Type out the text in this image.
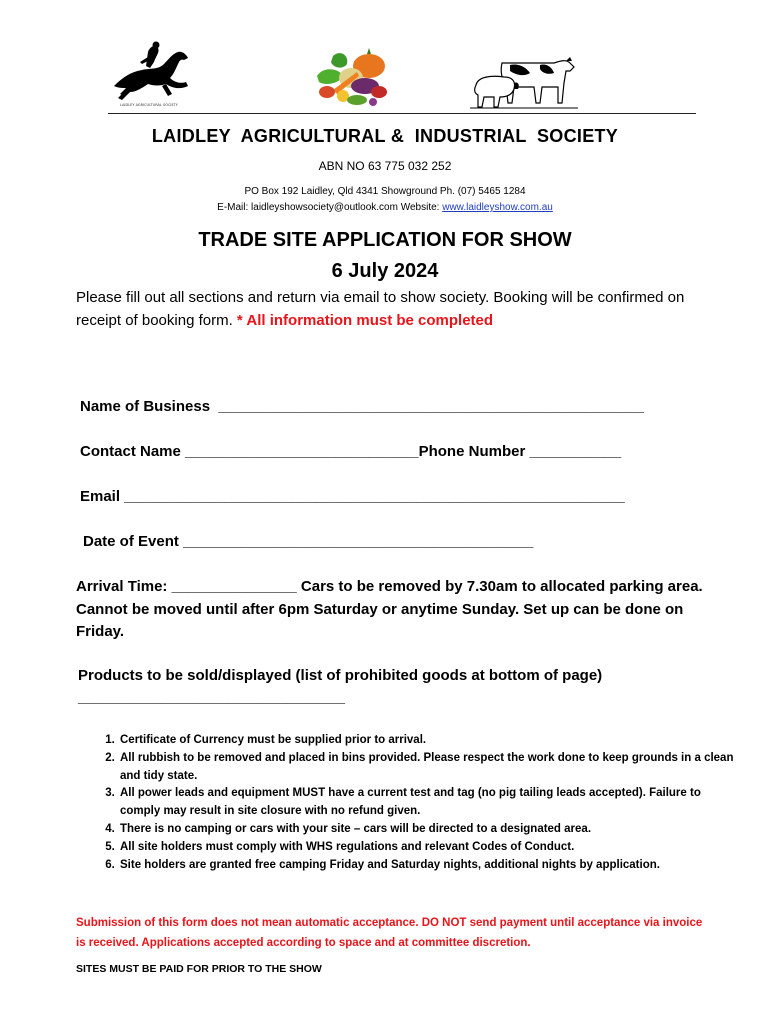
LAIDLEY AGRICULTURAL SOCIETY
LAIDLEY  AGRICULTURAL &  INDUSTRIAL  SOCIETY
ABN NO 63 775 032 252
PO Box 192 Laidley, Qld 4341 Showground Ph. (07) 5465 1284
E-Mail: laidleyshowsociety@outlook.com Website: www.laidleyshow.com.au
TRADE SITE APPLICATION FOR SHOW
6 July 2024
Please fill out all sections and return via email to show society. Booking will be confirmed on receipt of booking form. * All information must be completed
Name of Business  ___________________________________________________
Contact Name ____________________________Phone Number ___________
Email ____________________________________________________________
Date of Event __________________________________________
Arrival Time: _______________ Cars to be removed by 7.30am to allocated parking area. Cannot be moved until after 6pm Saturday or anytime Sunday. Set up can be done on Friday.
Products to be sold/displayed (list of prohibited goods at bottom of page)
________________________________
1. Certificate of Currency must be supplied prior to arrival.
2. All rubbish to be removed and placed in bins provided. Please respect the work done to keep grounds in a clean and tidy state.
3. All power leads and equipment MUST have a current test and tag (no pig tailing leads accepted). Failure to comply may result in site closure with no refund given.
4. There is no camping or cars with your site – cars will be directed to a designated area.
5. All site holders must comply with WHS regulations and relevant Codes of Conduct.
6. Site holders are granted free camping Friday and Saturday nights, additional nights by application.
Submission of this form does not mean automatic acceptance. DO NOT send payment until acceptance via invoice is received. Applications accepted according to space and at committee discretion.
SITES MUST BE PAID FOR PRIOR TO THE SHOW
